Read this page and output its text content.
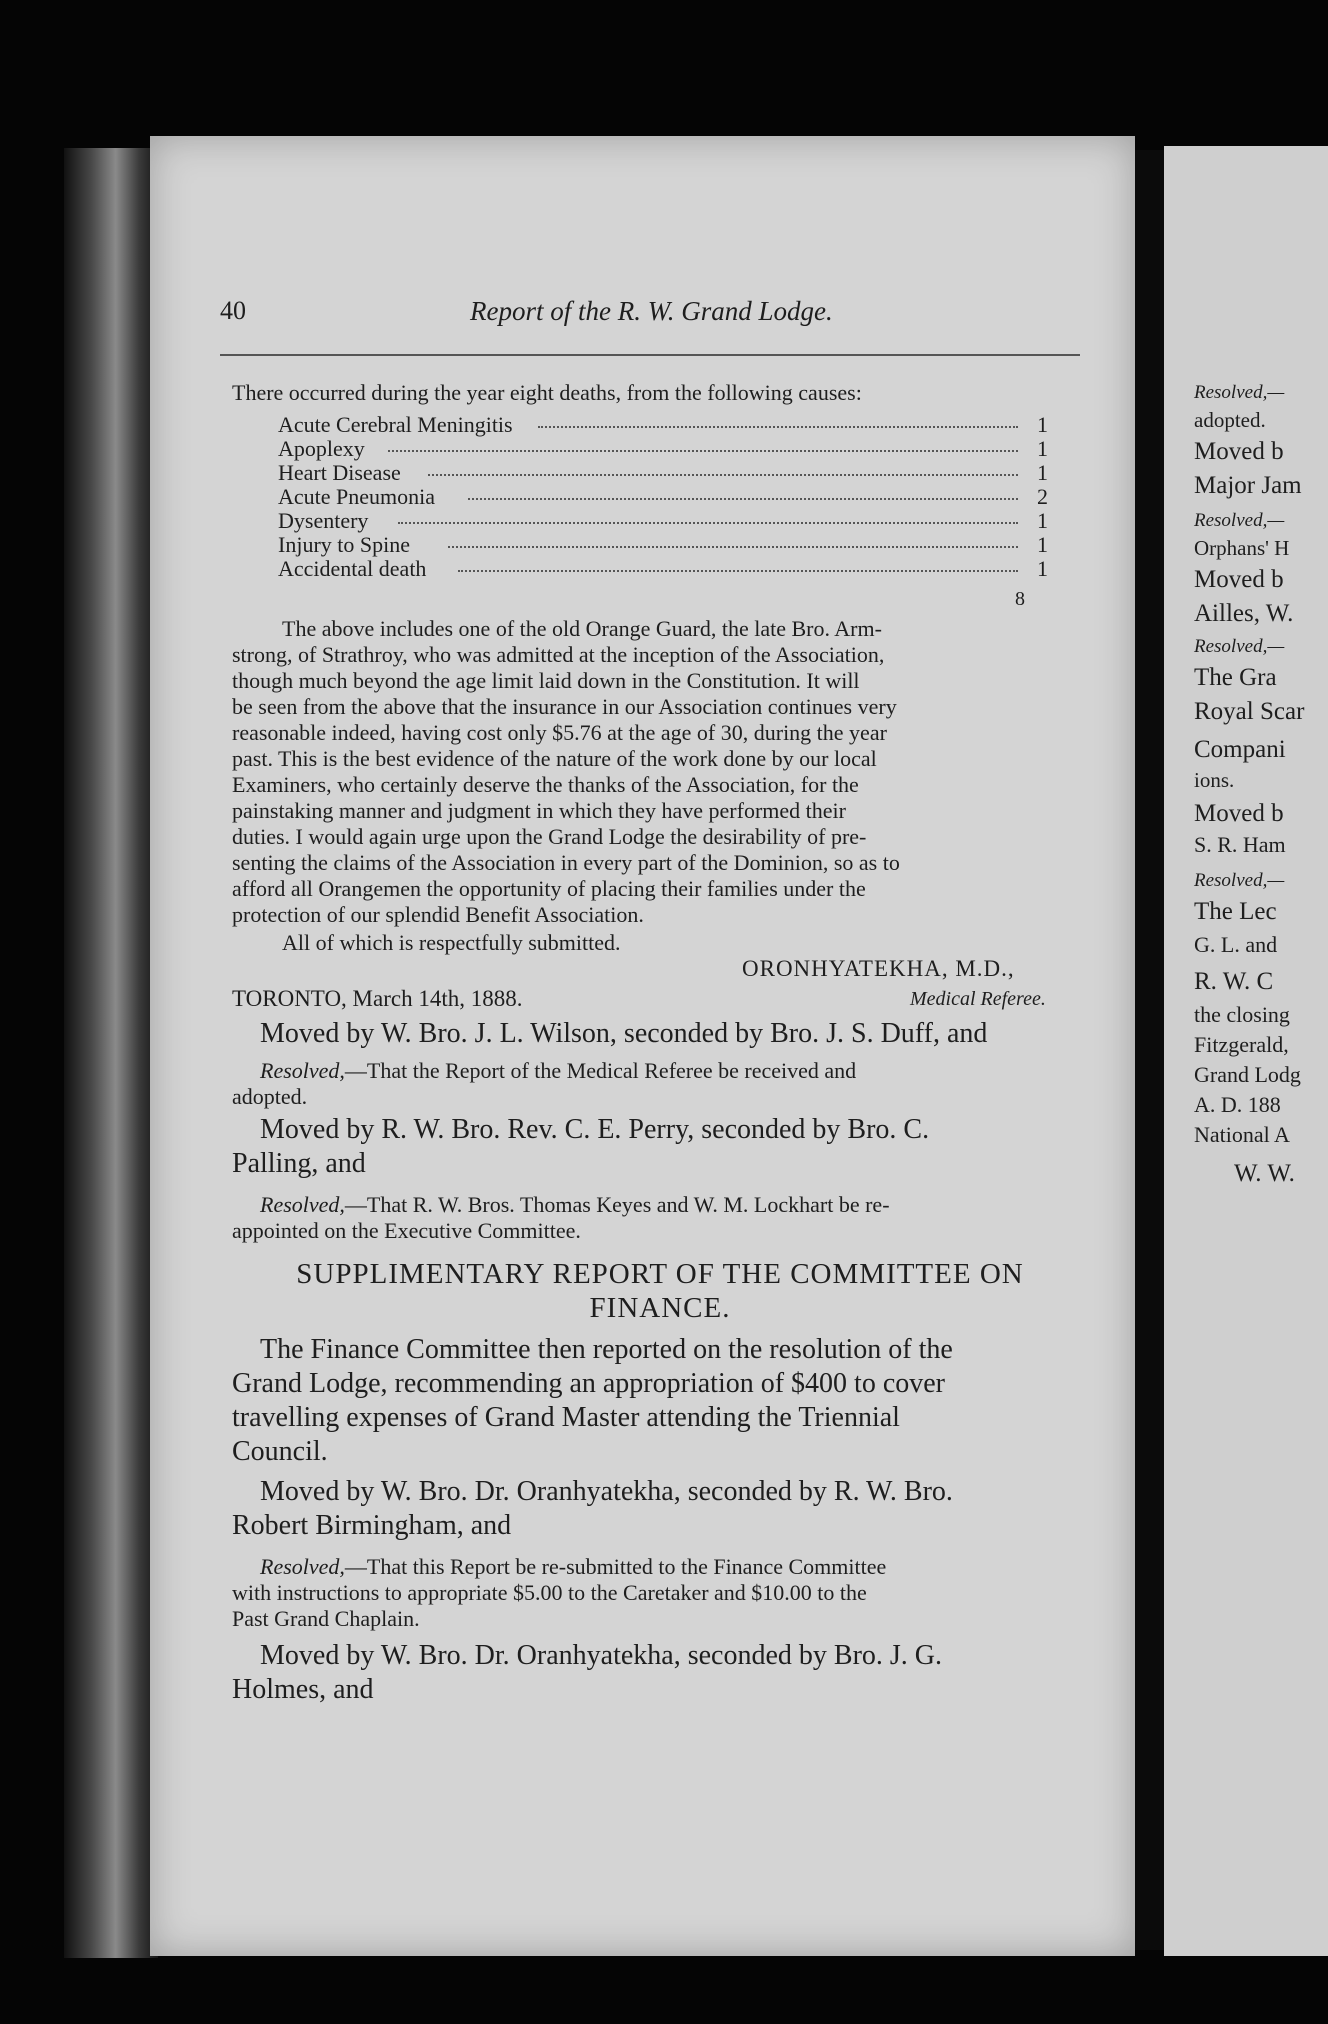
Resolved,—
adopted.
Moved b
Major Jam
Resolved,—
Orphans' H
Moved b
Ailles, W.
Resolved,—
The Gra
Royal Scar
Compani
ions.
Moved b
S. R. Ham
Resolved,—
The Lec
G. L. and
R. W. C
the closing
Fitzgerald,
Grand Lodg
A. D. 188
National A
W. W.
40	Report of the R. W. Grand Lodge.
There occurred during the year eight deaths, from the following causes:
Acute Cerebral Meningitis	1
Apoplexy	1
Heart Disease	1
Acute Pneumonia	2
Dysentery	1
Injury to Spine	1
Accidental death	1
8
The above includes one of the old Orange Guard, the late Bro. Arm-
strong, of Strathroy, who was admitted at the inception of the Association,
though much beyond the age limit laid down in the Constitution. It will
be seen from the above that the insurance in our Association continues very
reasonable indeed, having cost only $5.76 at the age of 30, during the year
past. This is the best evidence of the nature of the work done by our local
Examiners, who certainly deserve the thanks of the Association, for the
painstaking manner and judgment in which they have performed their
duties. I would again urge upon the Grand Lodge the desirability of pre-
senting the claims of the Association in every part of the Dominion, so as to
afford all Orangemen the opportunity of placing their families under the
protection of our splendid Benefit Association.
All of which is respectfully submitted.
ORONHYATEKHA, M.D.,
TORONTO, March 14th, 1888.	Medical Referee.
Moved by W. Bro. J. L. Wilson, seconded by Bro. J. S. Duff, and
Resolved,—That the Report of the Medical Referee be received and
adopted.
Moved by R. W. Bro. Rev. C. E. Perry, seconded by Bro. C.
Palling, and
Resolved,—That R. W. Bros. Thomas Keyes and W. M. Lockhart be re-
appointed on the Executive Committee.
SUPPLIMENTARY REPORT OF THE COMMITTEE ON
FINANCE.
The Finance Committee then reported on the resolution of the
Grand Lodge, recommending an appropriation of $400 to cover
travelling expenses of Grand Master attending the Triennial
Council.
Moved by W. Bro. Dr. Oranhyatekha, seconded by R. W. Bro.
Robert Birmingham, and
Resolved,—That this Report be re-submitted to the Finance Committee
with instructions to appropriate $5.00 to the Caretaker and $10.00 to the
Past Grand Chaplain.
Moved by W. Bro. Dr. Oranhyatekha, seconded by Bro. J. G.
Holmes, and
